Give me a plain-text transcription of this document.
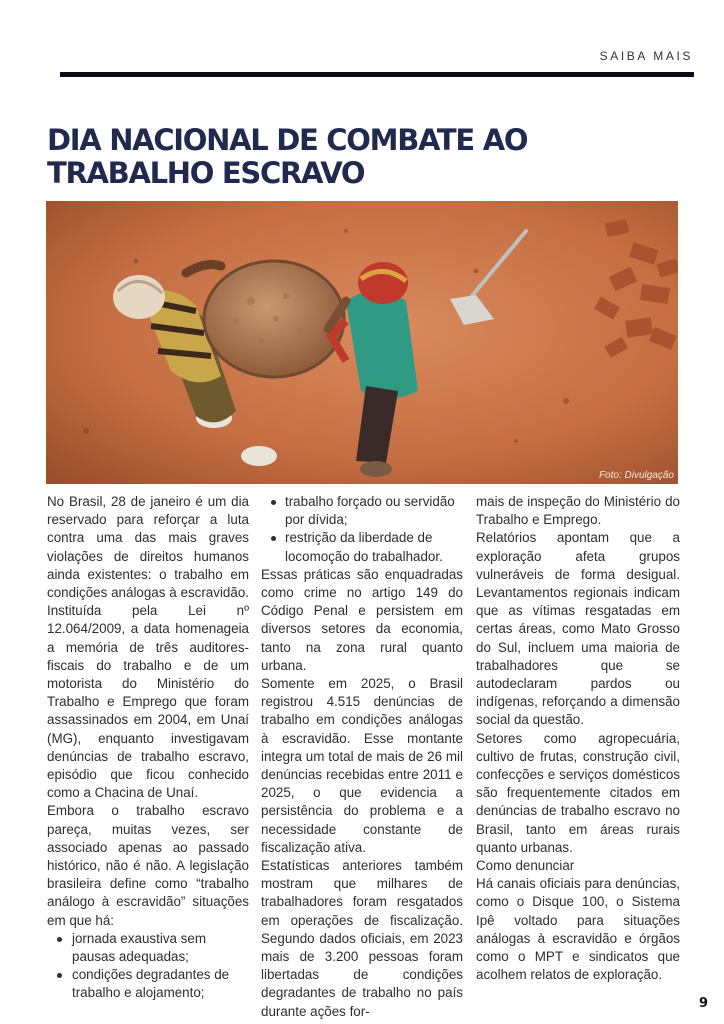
SAIBA MAIS
DIA NACIONAL DE COMBATE AO TRABALHO ESCRAVO
Foto: Divulgação

No Brasil, 28 de janeiro é um dia reservado para reforçar a luta contra uma das mais graves violações de direitos humanos ainda existentes: o trabalho em condições análogas à escravidão. Instituída pela Lei nº 12.064/2009, a data homenageia a memória de três auditores-fiscais do trabalho e de um motorista do Ministério do Trabalho e Emprego que foram assassinados em 2004, em Unaí (MG), enquanto investigavam denúncias de trabalho escravo, episódio que ficou conhecido como a Chacina de Unaí.

Embora o trabalho escravo pareça, muitas vezes, ser associado apenas ao passado histórico, não é não. A legislação brasileira define como “trabalho análogo à escravidão” situações em que há:

jornada exaustiva sem pausas adequadas;
condições degradantes de trabalho e alojamento;
trabalho forçado ou servidão por dívida;
restrição da liberdade de locomoção do trabalhador.

Essas práticas são enquadradas como crime no artigo 149 do Código Penal e persistem em diversos setores da economia, tanto na zona rural quanto urbana.

Somente em 2025, o Brasil registrou 4.515 denúncias de trabalho em condições análogas à escravidão. Esse montante integra um total de mais de 26 mil denúncias recebidas entre 2011 e 2025, o que evidencia a persistência do problema e a necessidade constante de fiscalização ativa.

Estatísticas anteriores também mostram que milhares de trabalhadores foram resgatados em operações de fiscalização. Segundo dados oficiais, em 2023 mais de 3.200 pessoas foram libertadas de condições degradantes de trabalho no país durante ações for-

mais de inspeção do Ministério do Trabalho e Emprego.

Relatórios apontam que a exploração afeta grupos vulneráveis de forma desigual. Levantamentos regionais indicam que as vítimas resgatadas em certas áreas, como Mato Grosso do Sul, incluem uma maioria de trabalhadores que se autodeclaram pardos ou indígenas, reforçando a dimensão social da questão.

Setores como agropecuária, cultivo de frutas, construção civil, confecções e serviços domésticos são frequentemente citados em denúncias de trabalho escravo no Brasil, tanto em áreas rurais quanto urbanas.

Como denunciar

Há canais oficiais para denúncias, como o Disque 100, o Sistema Ipê voltado para situações análogas à escravidão e órgãos como o MPT e sindicatos que acolhem relatos de exploração.

9
